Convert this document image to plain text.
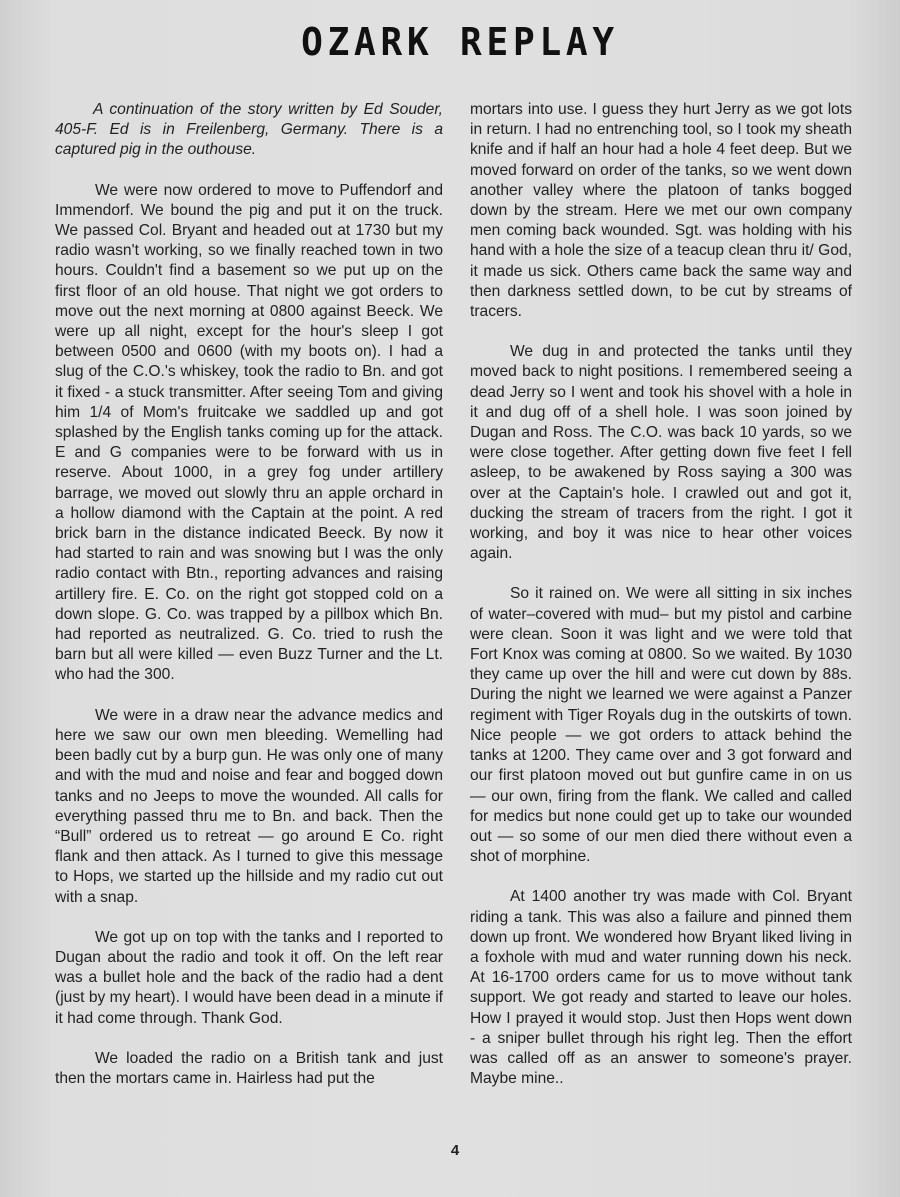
OZARK REPLAY

A continuation of the story written by Ed Souder, 405-F. Ed is in Freilenberg, Germany. There is a captured pig in the outhouse.

We were now ordered to move to Puffendorf and Immendorf. We bound the pig and put it on the truck. We passed Col. Bryant and headed out at 1730 but my radio wasn't working, so we finally reached town in two hours. Couldn't find a basement so we put up on the first floor of an old house. That night we got orders to move out the next morning at 0800 against Beeck. We were up all night, except for the hour's sleep I got between 0500 and 0600 (with my boots on). I had a slug of the C.O.'s whiskey, took the radio to Bn. and got it fixed - a stuck transmitter. After seeing Tom and giving him 1/4 of Mom's fruitcake we saddled up and got splashed by the English tanks coming up for the attack. E and G companies were to be forward with us in reserve. About 1000, in a grey fog under artillery barrage, we moved out slowly thru an apple orchard in a hollow diamond with the Captain at the point. A red brick barn in the distance indicated Beeck. By now it had started to rain and was snowing but I was the only radio contact with Btn., reporting advances and raising artillery fire. E. Co. on the right got stopped cold on a down slope. G. Co. was trapped by a pillbox which Bn. had reported as neutralized. G. Co. tried to rush the barn but all were killed — even Buzz Turner and the Lt. who had the 300.

We were in a draw near the advance medics and here we saw our own men bleeding. Wemelling had been badly cut by a burp gun. He was only one of many and with the mud and noise and fear and bogged down tanks and no Jeeps to move the wounded. All calls for everything passed thru me to Bn. and back. Then the “Bull” ordered us to retreat — go around E Co. right flank and then attack. As I turned to give this message to Hops, we started up the hillside and my radio cut out with a snap.

We got up on top with the tanks and I reported to Dugan about the radio and took it off. On the left rear was a bullet hole and the back of the radio had a dent (just by my heart). I would have been dead in a minute if it had come through. Thank God.

We loaded the radio on a British tank and just then the mortars came in. Hairless had put the

mortars into use. I guess they hurt Jerry as we got lots in return. I had no entrenching tool, so I took my sheath knife and if half an hour had a hole 4 feet deep. But we moved forward on order of the tanks, so we went down another valley where the platoon of tanks bogged down by the stream. Here we met our own company men coming back wounded. Sgt. was holding with his hand with a hole the size of a teacup clean thru it/ God, it made us sick. Others came back the same way and then darkness settled down, to be cut by streams of tracers.

We dug in and protected the tanks until they moved back to night positions. I remembered seeing a dead Jerry so I went and took his shovel with a hole in it and dug off of a shell hole. I was soon joined by Dugan and Ross. The C.O. was back 10 yards, so we were close together. After getting down five feet I fell asleep, to be awakened by Ross saying a 300 was over at the Captain's hole. I crawled out and got it, ducking the stream of tracers from the right. I got it working, and boy it was nice to hear other voices again.

So it rained on. We were all sitting in six inches of water–covered with mud– but my pistol and carbine were clean. Soon it was light and we were told that Fort Knox was coming at 0800. So we waited. By 1030 they came up over the hill and were cut down by 88s. During the night we learned we were against a Panzer regiment with Tiger Royals dug in the outskirts of town. Nice people — we got orders to attack behind the tanks at 1200. They came over and 3 got forward and our first platoon moved out but gunfire came in on us — our own, firing from the flank. We called and called for medics but none could get up to take our wounded out — so some of our men died there without even a shot of morphine.

At 1400 another try was made with Col. Bryant riding a tank. This was also a failure and pinned them down up front. We wondered how Bryant liked living in a foxhole with mud and water running down his neck. At 16-1700 orders came for us to move without tank support. We got ready and started to leave our holes. How I prayed it would stop. Just then Hops went down - a sniper bullet through his right leg. Then the effort was called off as an answer to someone's prayer. Maybe mine..

4
